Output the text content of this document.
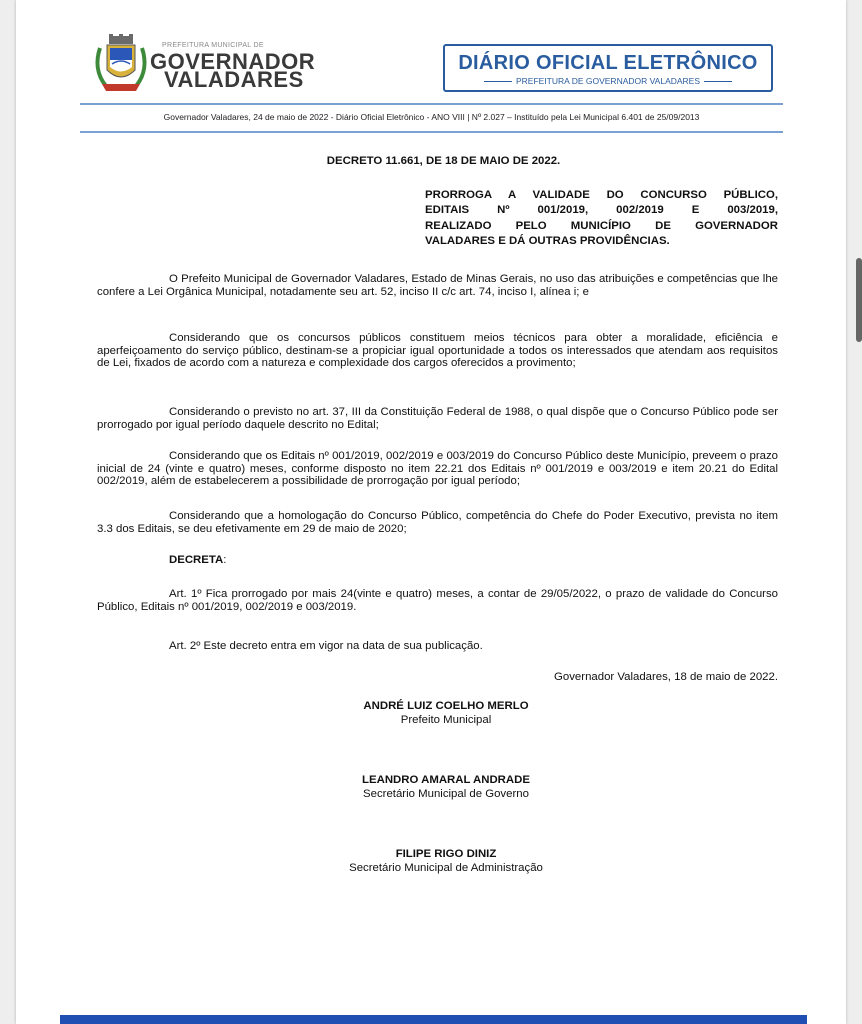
PREFEITURA MUNICIPAL DE
GOVERNADOR
VALADARES
DIÁRIO OFICIAL ELETRÔNICO
PREFEITURA DE GOVERNADOR VALADARES
Governador Valadares, 24 de maio de 2022 - Diário Oficial Eletrônico - ANO VIII | Nº 2.027 – Instituído pela Lei Municipal 6.401 de 25/09/2013
DECRETO 11.661, DE 18 DE MAIO DE 2022.
PRORROGA A VALIDADE DO CONCURSO PÚBLICO,
EDITAIS Nº 001/2019, 002/2019 E 003/2019,
REALIZADO PELO MUNICÍPIO DE GOVERNADOR
VALADARES E DÁ OUTRAS PROVIDÊNCIAS.
O Prefeito Municipal de Governador Valadares, Estado de Minas Gerais, no uso das atribuições e competências que lhe confere a Lei Orgânica Municipal, notadamente seu art. 52, inciso II c/c art. 74, inciso I, alínea i; e
Considerando que os concursos públicos constituem meios técnicos para obter a moralidade, eficiência e aperfeiçoamento do serviço público, destinam-se a propiciar igual oportunidade a todos os interessados que atendam aos requisitos de Lei, fixados de acordo com a natureza e complexidade dos cargos oferecidos a provimento;
Considerando o previsto no art. 37, III da Constituição Federal de 1988, o qual dispõe que o Concurso Público pode ser prorrogado por igual período daquele descrito no Edital;
Considerando que os Editais nº 001/2019, 002/2019 e 003/2019 do Concurso Público deste Município, preveem o prazo inicial de 24 (vinte e quatro) meses, conforme disposto no item 22.21 dos Editais nº 001/2019 e 003/2019 e item 20.21 do Edital 002/2019, além de estabelecerem a possibilidade de prorrogação por igual período;
Considerando que a homologação do Concurso Público, competência do Chefe do Poder Executivo, prevista no item 3.3 dos Editais, se deu efetivamente em 29 de maio de 2020;
DECRETA:
Art. 1º Fica prorrogado por mais 24(vinte e quatro) meses, a contar de 29/05/2022, o prazo de validade do Concurso Público, Editais nº 001/2019, 002/2019 e 003/2019.
Art. 2º Este decreto entra em vigor na data de sua publicação.
Governador Valadares, 18 de maio de 2022.
ANDRÉ LUIZ COELHO MERLO
Prefeito Municipal
LEANDRO AMARAL ANDRADE
Secretário Municipal de Governo
FILIPE RIGO DINIZ
Secretário Municipal de Administração
